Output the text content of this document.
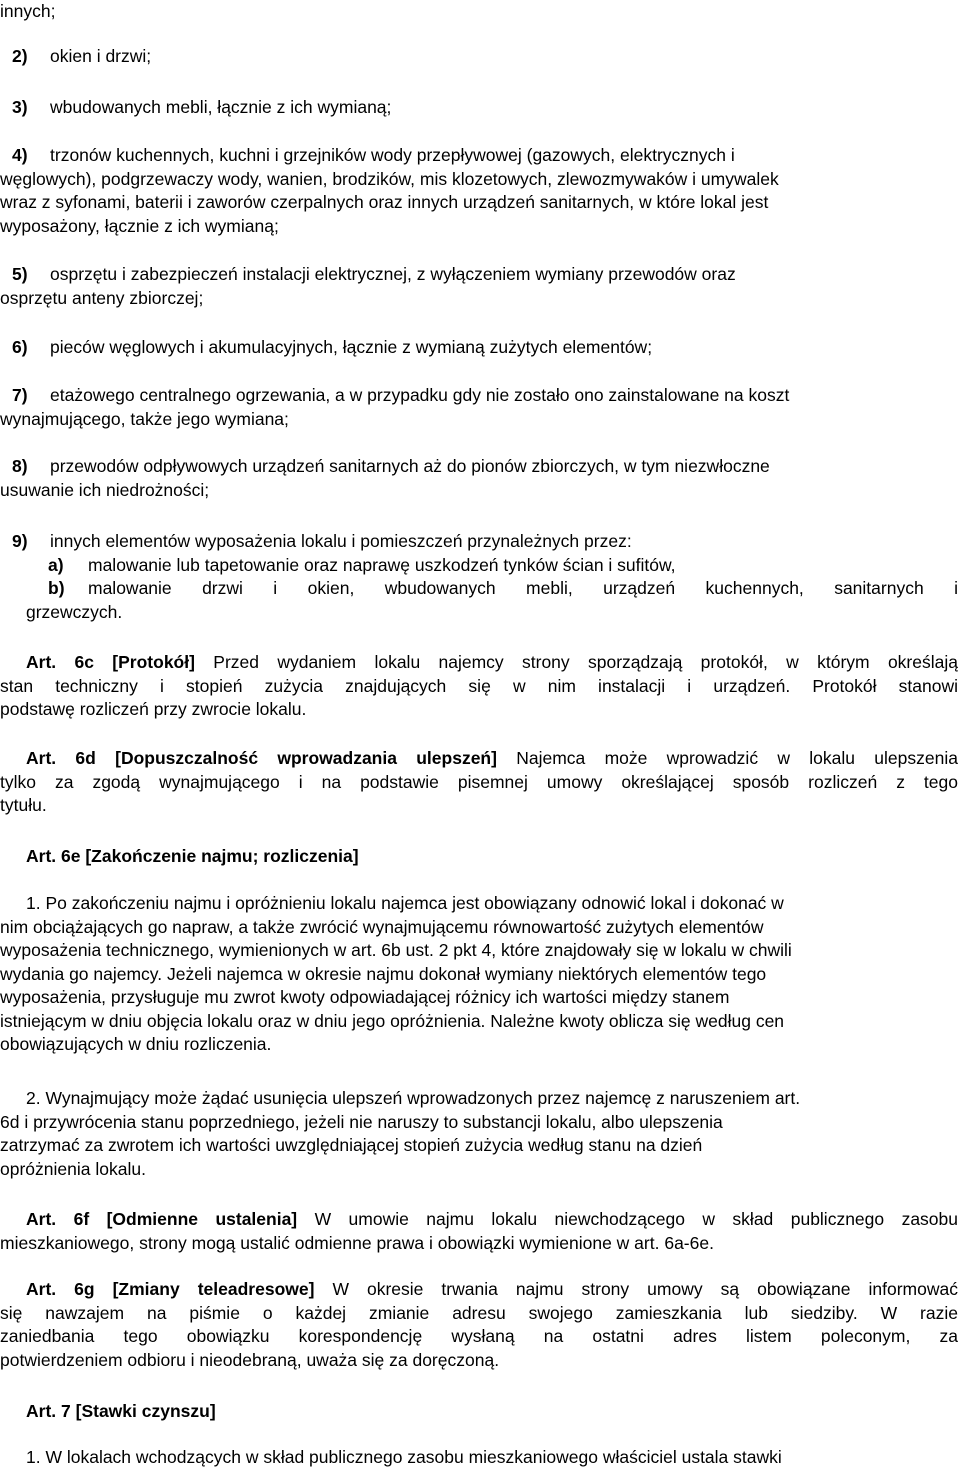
innych;
2) okien i drzwi;
3) wbudowanych mebli, łącznie z ich wymianą;
4) trzonów kuchennych, kuchni i grzejników wody przepływowej (gazowych, elektrycznych i
węglowych), podgrzewaczy wody, wanien, brodzików, mis klozetowych, zlewozmywaków i umywalek
wraz z syfonami, baterii i zaworów czerpalnych oraz innych urządzeń sanitarnych, w które lokal jest
wyposażony, łącznie z ich wymianą;
5) osprzętu i zabezpieczeń instalacji elektrycznej, z wyłączeniem wymiany przewodów oraz
osprzętu anteny zbiorczej;
6) pieców węglowych i akumulacyjnych, łącznie z wymianą zużytych elementów;
7) etażowego centralnego ogrzewania, a w przypadku gdy nie zostało ono zainstalowane na koszt
wynajmującego, także jego wymiana;
8) przewodów odpływowych urządzeń sanitarnych aż do pionów zbiorczych, w tym niezwłoczne
usuwanie ich niedrożności;
9) innych elementów wyposażenia lokalu i pomieszczeń przynależnych przez:
a) malowanie lub tapetowanie oraz naprawę uszkodzeń tynków ścian i sufitów,
b) malowanie drzwi i okien, wbudowanych mebli, urządzeń kuchennych, sanitarnych i
grzewczych.
Art. 6c [Protokół] Przed wydaniem lokalu najemcy strony sporządzają protokół, w którym określają
stan techniczny i stopień zużycia znajdujących się w nim instalacji i urządzeń. Protokół stanowi
podstawę rozliczeń przy zwrocie lokalu.
Art. 6d [Dopuszczalność wprowadzania ulepszeń] Najemca może wprowadzić w lokalu ulepszenia
tylko za zgodą wynajmującego i na podstawie pisemnej umowy określającej sposób rozliczeń z tego
tytułu.
Art. 6e [Zakończenie najmu; rozliczenia]
1. Po zakończeniu najmu i opróżnieniu lokalu najemca jest obowiązany odnowić lokal i dokonać w
nim obciążających go napraw, a także zwrócić wynajmującemu równowartość zużytych elementów
wyposażenia technicznego, wymienionych w art. 6b ust. 2 pkt 4, które znajdowały się w lokalu w chwili
wydania go najemcy. Jeżeli najemca w okresie najmu dokonał wymiany niektórych elementów tego
wyposażenia, przysługuje mu zwrot kwoty odpowiadającej różnicy ich wartości między stanem
istniejącym w dniu objęcia lokalu oraz w dniu jego opróżnienia. Należne kwoty oblicza się według cen
obowiązujących w dniu rozliczenia.
2. Wynajmujący może żądać usunięcia ulepszeń wprowadzonych przez najemcę z naruszeniem art.
6d i przywrócenia stanu poprzedniego, jeżeli nie naruszy to substancji lokalu, albo ulepszenia
zatrzymać za zwrotem ich wartości uwzględniającej stopień zużycia według stanu na dzień
opróżnienia lokalu.
Art. 6f [Odmienne ustalenia] W umowie najmu lokalu niewchodzącego w skład publicznego zasobu
mieszkaniowego, strony mogą ustalić odmienne prawa i obowiązki wymienione w art. 6a-6e.
Art. 6g [Zmiany teleadresowe] W okresie trwania najmu strony umowy są obowiązane informować
się nawzajem na piśmie o każdej zmianie adresu swojego zamieszkania lub siedziby. W razie
zaniedbania tego obowiązku korespondencję wysłaną na ostatni adres listem poleconym, za
potwierdzeniem odbioru i nieodebraną, uważa się za doręczoną.
Art. 7 [Stawki czynszu]
1. W lokalach wchodzących w skład publicznego zasobu mieszkaniowego właściciel ustala stawki
